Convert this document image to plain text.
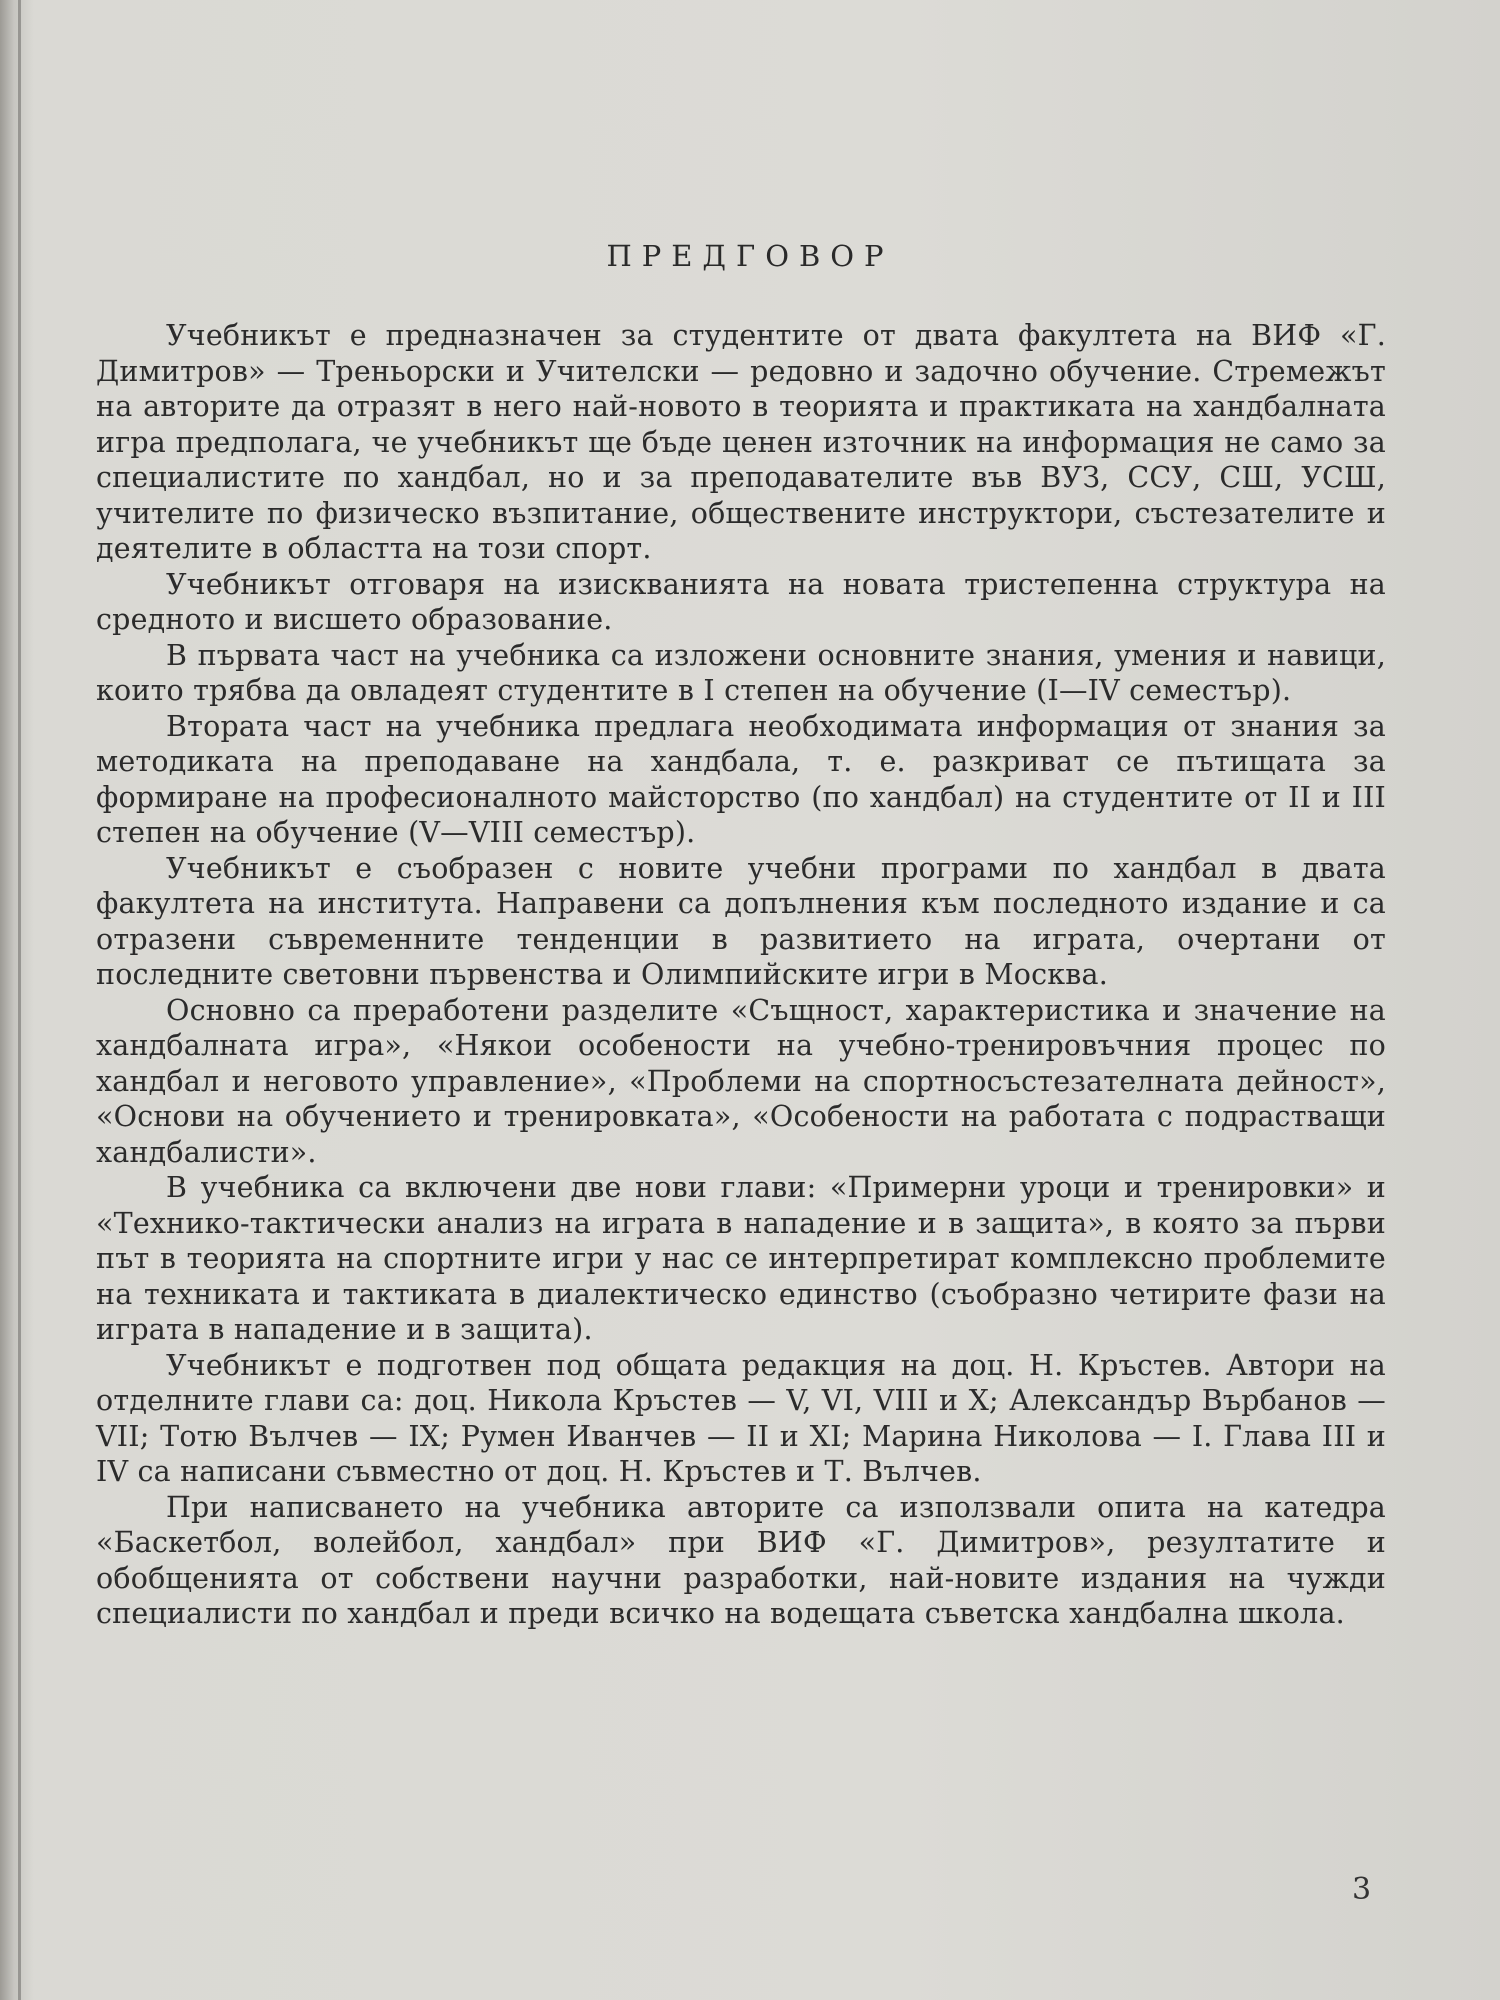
ПРЕДГОВОР

Учебникът е предназначен за студентите от двата факултета на ВИФ «Г. Димитров» — Треньорски и Учителски — редовно и задочно обучение. Стремежът на авторите да отразят в него най-новото в теорията и практиката на хандбалната игра предполага, че учебникът ще бъде ценен източник на информация не само за специалистите по хандбал, но и за преподавателите във ВУЗ, ССУ, СШ, УСШ, учителите по физическо възпитание, обществените инструктори, състезателите и деятелите в областта на този спорт.

Учебникът отговаря на изискванията на новата тристепенна структура на средното и висшето образование.

В първата част на учебника са изложени основните знания, умения и навици, които трябва да овладеят студентите в I степен на обучение (I—IV семестър).

Втората част на учебника предлага необходимата информация от знания за методиката на преподаване на хандбала, т. е. разкриват се пътищата за формиране на професионалното майсторство (по хандбал) на студентите от II и III степен на обучение (V—VIII семестър).

Учебникът е съобразен с новите учебни програми по хандбал в двата факултета на института. Направени са допълнения към последното издание и са отразени съвременните тенденции в развитието на играта, очертани от последните световни първенства и Олимпийските игри в Москва.

Основно са преработени разделите «Същност, характеристика и значение на хандбалната игра», «Някои особености на учебно-тренировъчния процес по хандбал и неговото управление», «Проблеми на спортносъстезателната дейност», «Основи на обучението и тренировката», «Особености на работата с подрастващи хандбалисти».

В учебника са включени две нови глави: «Примерни уроци и тренировки» и «Технико-тактически анализ на играта в нападение и в защита», в която за първи път в теорията на спортните игри у нас се интерпретират комплексно проблемите на техниката и тактиката в диалектическо единство (съобразно четирите фази на играта в нападение и в защита).

Учебникът е подготвен под общата редакция на доц. Н. Кръстев. Автори на отделните глави са: доц. Никола Кръстев — V, VI, VIII и X; Александър Върбанов — VII; Тотю Вълчев — IX; Румен Иванчев — II и XI; Марина Николова — I. Глава III и IV са написани съвместно от доц. Н. Кръстев и Т. Вълчев.

При написването на учебника авторите са използвали опита на катедра «Баскетбол, волейбол, хандбал» при ВИФ «Г. Димитров», резултатите и обобщенията от собствени научни разработки, най-новите издания на чужди специалисти по хандбал и преди всичко на водещата съветска хандбална школа.

3
